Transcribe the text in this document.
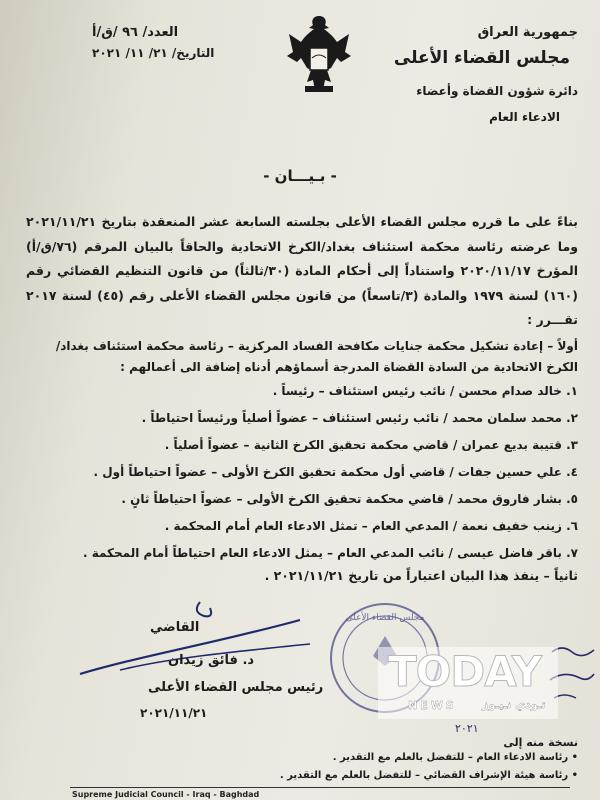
جمهورية العراق
مجلس القضاء الأعلى
دائرة شؤون القضاة وأعضاء
الادعاء العام
العدد/ ٩٦ /ق/أ
التاريخ/ ٢١/ ١١/ ٢٠٢١
- بـيـــان -
بناءً على ما قرره مجلس القضاء الأعلى بجلسته السابعة عشر المنعقدة بتاريخ ٢٠٢١/١١/٢١ وما عرضته رئاسة محكمة استئناف بغداد/الكرخ الاتحادية والحاقاً بالبيان المرقم (٧٦/ق/أ) المؤرخ ٢٠٢٠/١١/١٧ واستناداً إلى أحكام المادة (٣٠/ثالثاً) من قانون التنظيم القضائي رقم (١٦٠) لسنة ١٩٧٩ والمادة (٣/تاسعاً) من قانون مجلس القضاء الأعلى رقم (٤٥) لسنة ٢٠١٧ تقـــرر :
أولاً – إعادة تشكيل محكمة جنايات مكافحة الفساد المركزية – رئاسة محكمة استئناف بغداد/الكرخ الاتحادية من السادة القضاة المدرجة أسماؤهم أدناه إضافة الى أعمالهم :
١. خالد صدام محسن / نائب رئيس استئناف – رئيساً .
٢. محمد سلمان محمد / نائب رئيس استئناف – عضواً أصلياً ورئيساً احتياطاً .
٣. قتيبة بديع عمران / قاضي محكمة تحقيق الكرخ الثانية – عضواً أصلياً .
٤. علي حسين جفات / قاضي أول محكمة تحقيق الكرخ الأولى – عضواً احتياطاً أول .
٥. بشار فاروق محمد / قاضي محكمة تحقيق الكرخ الأولى – عضواً احتياطاً ثانٍ .
٦. زينب خفيف نعمة / المدعي العام – تمثل الادعاء العام أمام المحكمة .
٧. باقر فاضل عيسى / نائب المدعي العام – يمثل الادعاء العام احتياطاً أمام المحكمة .
ثانياً – ينفذ هذا البيان اعتباراً من تاريخ ٢٠٢١/١١/٢١ .
مجلس القضاء الأعلى
القاضي
د. فائق زيدان
رئيس مجلس القضاء الأعلى
٢٠٢١/١١/٢١
٢٠٢١
TODAY
NEWS تـودي نـيـوز
نسخة منه إلى
• رئاسة الادعاء العام – للتفضل بالعلم مع التقدير .
• رئاسة هيئة الإشراف القضائي – للتفضل بالعلم مع التقدير .
Supreme Judicial Council - Iraq - Baghdad
